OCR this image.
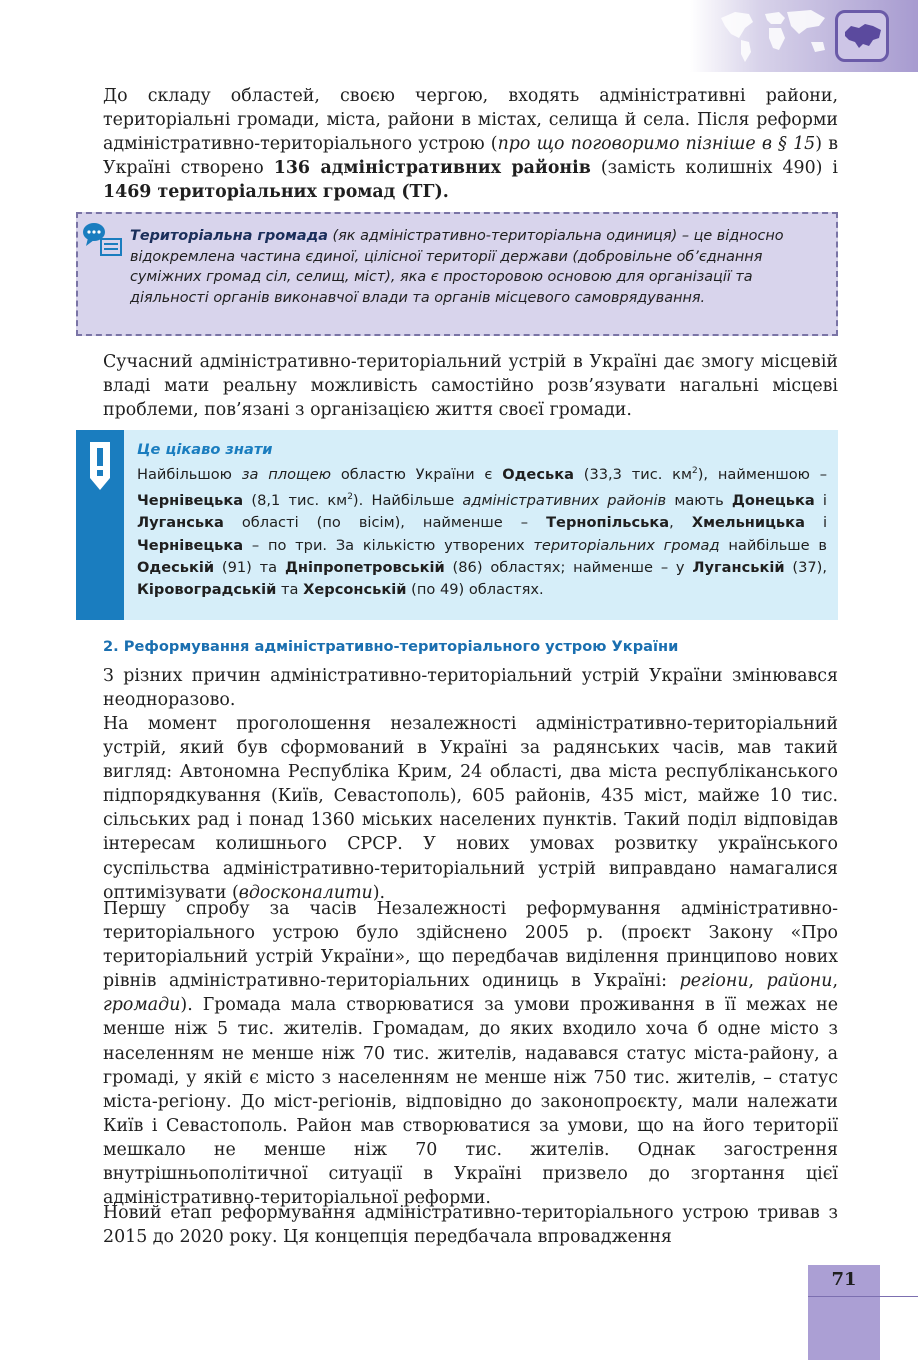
До складу областей, своєю чергою, входять адміністративні райони, територіальні громади, міста, райони в містах, селища й села. Після реформи адміністративно-територіального устрою (про що поговоримо пізніше в § 15) в Україні створено 136 адміністративних районів (замість колишніх 490) і 1469 територіальних громад (ТГ).

Територіальна громада (як адміністративно-територіальна одиниця) – це відносно відокремлена частина єдиної, цілісної території держави (добровільне об’єднання суміжних громад сіл, селищ, міст), яка є просторовою основою для організації та діяльності органів виконавчої влади та органів місцевого самоврядування.

Сучасний адміністративно-територіальний устрій в Україні дає змогу місцевій владі мати реальну можливість самостійно розв’язувати нагальні місцеві проблеми, пов’язані з організацією життя своєї громади.

Це цікаво знати
Найбільшою за площею областю України є Одеська (33,3 тис. $км^2$), найменшою – Чернівецька (8,1 тис. $км^2$). Найбільше адміністративних районів мають Донецька і Луганська області (по вісім), найменше – Тернопільська, Хмельницька і Чернівецька – по три. За кількістю утворених територіальних громад найбільше в Одеській (91) та Дніпропетровській (86) областях; найменше – у Луганській (37), Кіровоградській та Херсонській (по 49) областях.
2. Реформування адміністративно-територіального устрою України

З різних причин адміністративно-територіальний устрій України змінювався неодноразово.

На момент проголошення незалежності адміністративно-територіальний устрій, який був сформований в Україні за радянських часів, мав такий вигляд: Автономна Республіка Крим, 24 області, два міста республіканського підпорядкування (Київ, Севастополь), 605 районів, 435 міст, майже 10 тис. сільських рад і понад 1360 міських населених пунктів. Такий поділ відповідав інтересам колишнього СРСР. У нових умовах розвитку українського суспільства адміністративно-територіальний устрій виправдано намагалися оптимізувати (вдосконалити).

Першу спробу за часів Незалежності реформування адміністративно-територіального устрою було здійснено 2005 р. (проєкт Закону «Про територіальний устрій України», що передбачав виділення принципово нових рівнів адміністративно-територіальних одиниць в Україні: регіони, райони, громади). Громада мала створюватися за умови проживання в її межах не менше ніж 5 тис. жителів. Громадам, до яких входило хоча б одне місто з населенням не менше ніж 70 тис. жителів, надавався статус міста-району, а громаді, у якій є місто з населенням не менше ніж 750 тис. жителів, – статус міста-регіону. До міст-регіонів, відповідно до законопроєкту, мали належати Київ і Севастополь. Район мав створюватися за умови, що на його території мешкало не менше ніж 70 тис. жителів. Однак загострення внутрішньополітичної ситуації в Україні призвело до згортання цієї адміністративно-територіальної реформи.

Новий етап реформування адміністративно-територіального устрою тривав з 2015 до 2020 року. Ця концепція передбачала впровадження

71
